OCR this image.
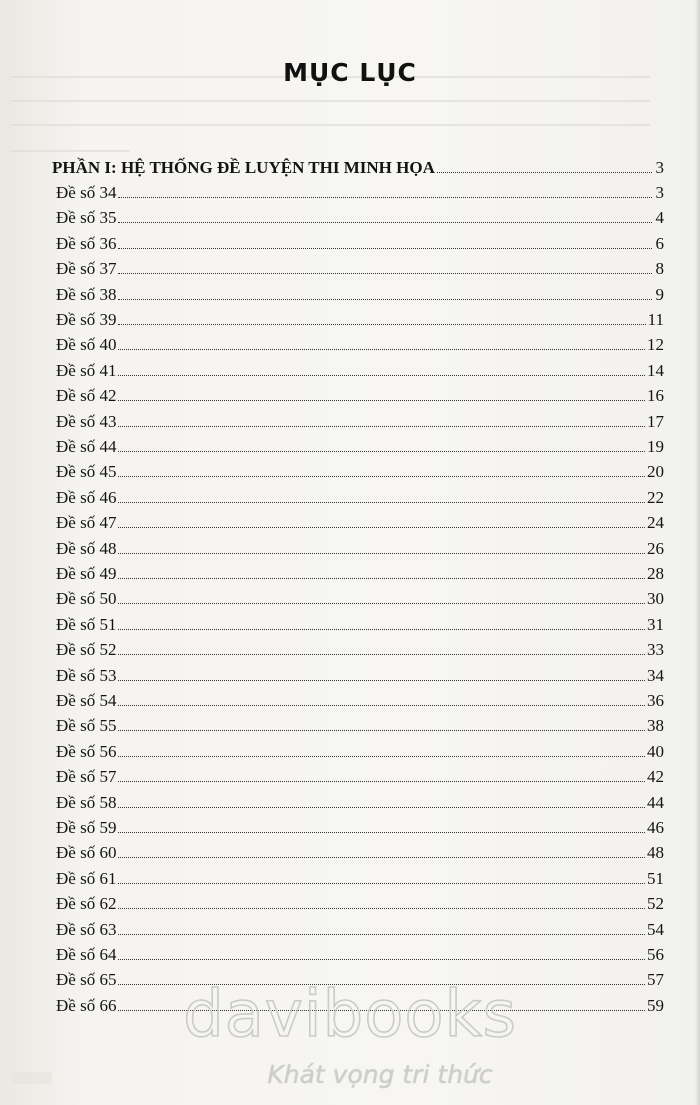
MỤC LỤC
PHẦN I: HỆ THỐNG ĐỀ LUYỆN THI MINH HỌA	3
Đề số 34	3
Đề số 35	4
Đề số 36	6
Đề số 37	8
Đề số 38	9
Đề số 39	11
Đề số 40	12
Đề số 41	14
Đề số 42	16
Đề số 43	17
Đề số 44	19
Đề số 45	20
Đề số 46	22
Đề số 47	24
Đề số 48	26
Đề số 49	28
Đề số 50	30
Đề số 51	31
Đề số 52	33
Đề số 53	34
Đề số 54	36
Đề số 55	38
Đề số 56	40
Đề số 57	42
Đề số 58	44
Đề số 59	46
Đề số 60	48
Đề số 61	51
Đề số 62	52
Đề số 63	54
Đề số 64	56
Đề số 65	57
Đề số 66	59
davibooks
Khát vọng tri thức
